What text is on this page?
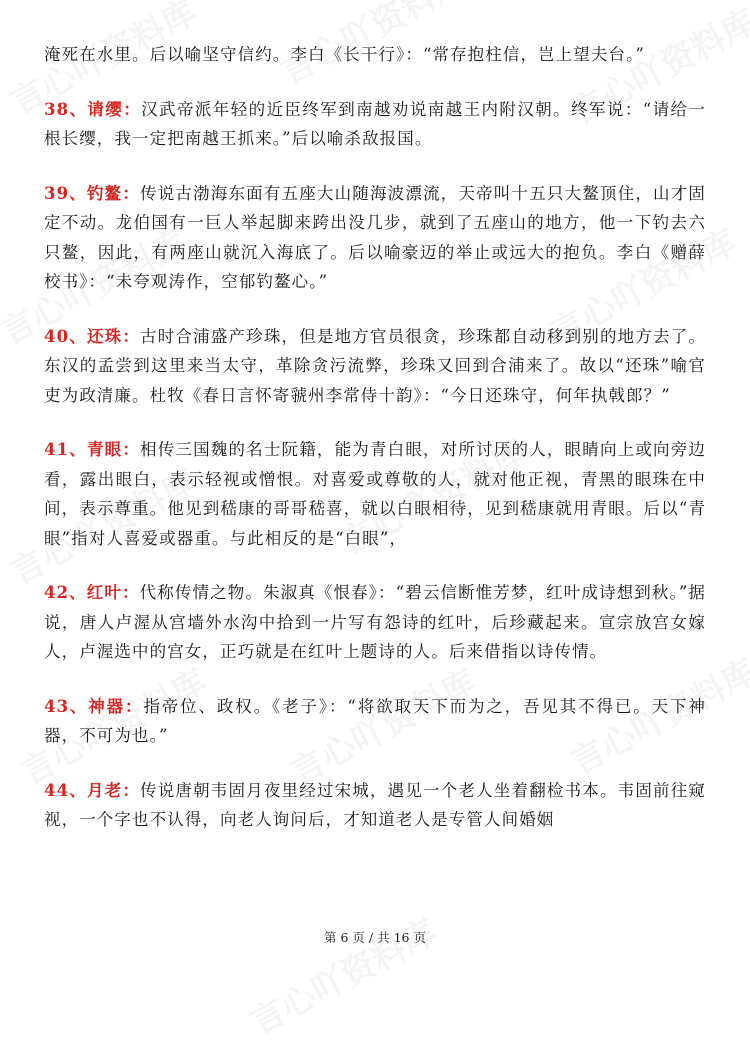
淹死在水里。后以喻坚守信约。李白《长干行》：“常存抱柱信，岂上望夫台。”

38、请缨：汉武帝派年轻的近臣终军到南越劝说南越王内附汉朝。终军说：“请给一根长缨，我一定把南越王抓来。”后以喻杀敌报国。

39、钓鳌：传说古渤海东面有五座大山随海波漂流，天帝叫十五只大鳌顶住，山才固定不动。龙伯国有一巨人举起脚来跨出没几步，就到了五座山的地方，他一下钓去六只鳌，因此，有两座山就沉入海底了。后以喻豪迈的举止或远大的抱负。李白《赠薛校书》：“未夸观涛作，空郁钓鳌心。”

40、还珠：古时合浦盛产珍珠，但是地方官员很贪，珍珠都自动移到别的地方去了。东汉的孟尝到这里来当太守，革除贪污流弊，珍珠又回到合浦来了。故以“还珠”喻官吏为政清廉。杜牧《春日言怀寄虢州李常侍十韵》：“今日还珠守，何年执戟郎？”

41、青眼：相传三国魏的名士阮籍，能为青白眼，对所讨厌的人，眼睛向上或向旁边看，露出眼白，表示轻视或憎恨。对喜爱或尊敬的人，就对他正视，青黑的眼珠在中间，表示尊重。他见到嵇康的哥哥嵇喜，就以白眼相待，见到嵇康就用青眼。后以“青眼”指对人喜爱或器重。与此相反的是“白眼”，

42、红叶：代称传情之物。朱淑真《恨春》：“碧云信断惟芳梦，红叶成诗想到秋。”据说，唐人卢渥从宫墙外水沟中拾到一片写有怨诗的红叶，后珍藏起来。宣宗放宫女嫁人，卢渥选中的宫女，正巧就是在红叶上题诗的人。后来借指以诗传情。

43、神器：指帝位、政权。《老子》：“将欲取天下而为之，吾见其不得已。天下神器，不可为也。”

44、月老：传说唐朝韦固月夜里经过宋城，遇见一个老人坐着翻检书本。韦固前往窥视，一个字也不认得，向老人询问后，才知道老人是专管人间婚姻

第 6 页 / 共 16 页
